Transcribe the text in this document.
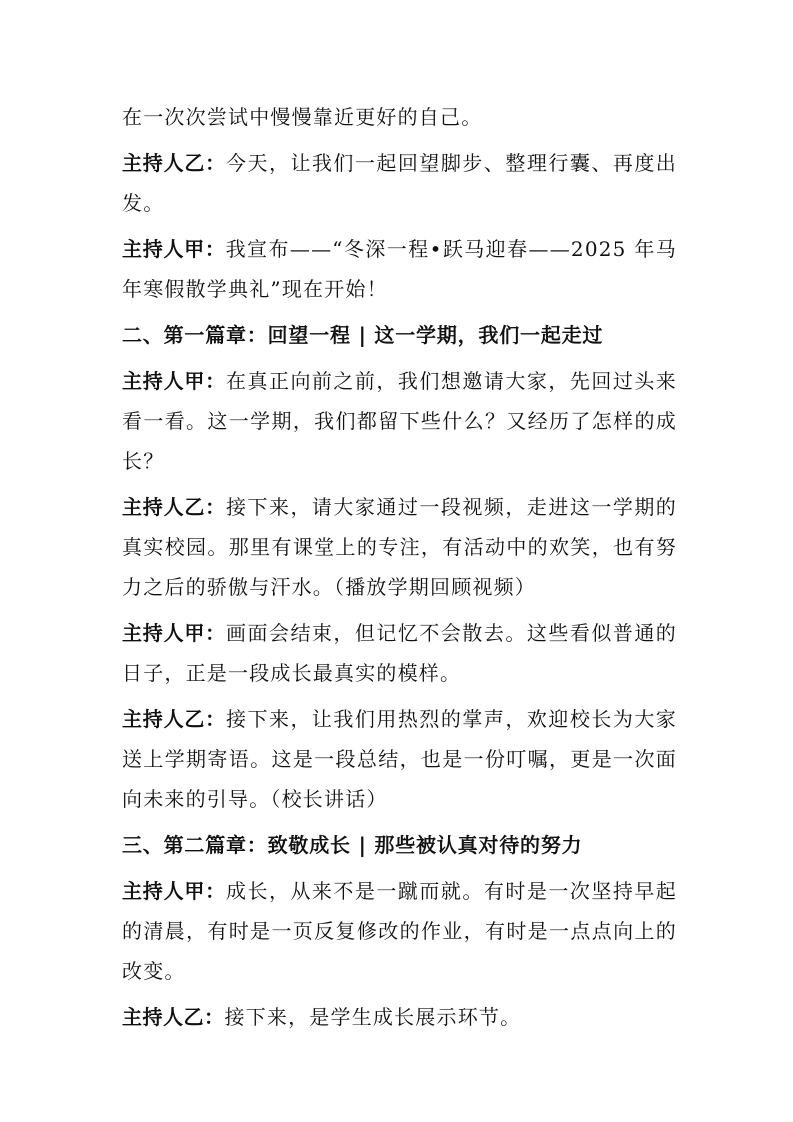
在一次次尝试中慢慢靠近更好的自己。

主持人乙：今天，让我们一起回望脚步、整理行囊、再度出发。

主持人甲：我宣布——“冬深一程•跃马迎春——2025 年马年寒假散学典礼”现在开始！

二、第一篇章：回望一程 | 这一学期，我们一起走过

主持人甲：在真正向前之前，我们想邀请大家，先回过头来看一看。这一学期，我们都留下些什么？又经历了怎样的成长？

主持人乙：接下来，请大家通过一段视频，走进这一学期的真实校园。那里有课堂上的专注，有活动中的欢笑，也有努力之后的骄傲与汗水。（播放学期回顾视频）

主持人甲：画面会结束，但记忆不会散去。这些看似普通的日子，正是一段成长最真实的模样。

主持人乙：接下来，让我们用热烈的掌声，欢迎校长为大家送上学期寄语。这是一段总结，也是一份叮嘱，更是一次面向未来的引导。（校长讲话）

三、第二篇章：致敬成长 | 那些被认真对待的努力

主持人甲：成长，从来不是一蹴而就。有时是一次坚持早起的清晨，有时是一页反复修改的作业，有时是一点点向上的改变。

主持人乙：接下来，是学生成长展示环节。
